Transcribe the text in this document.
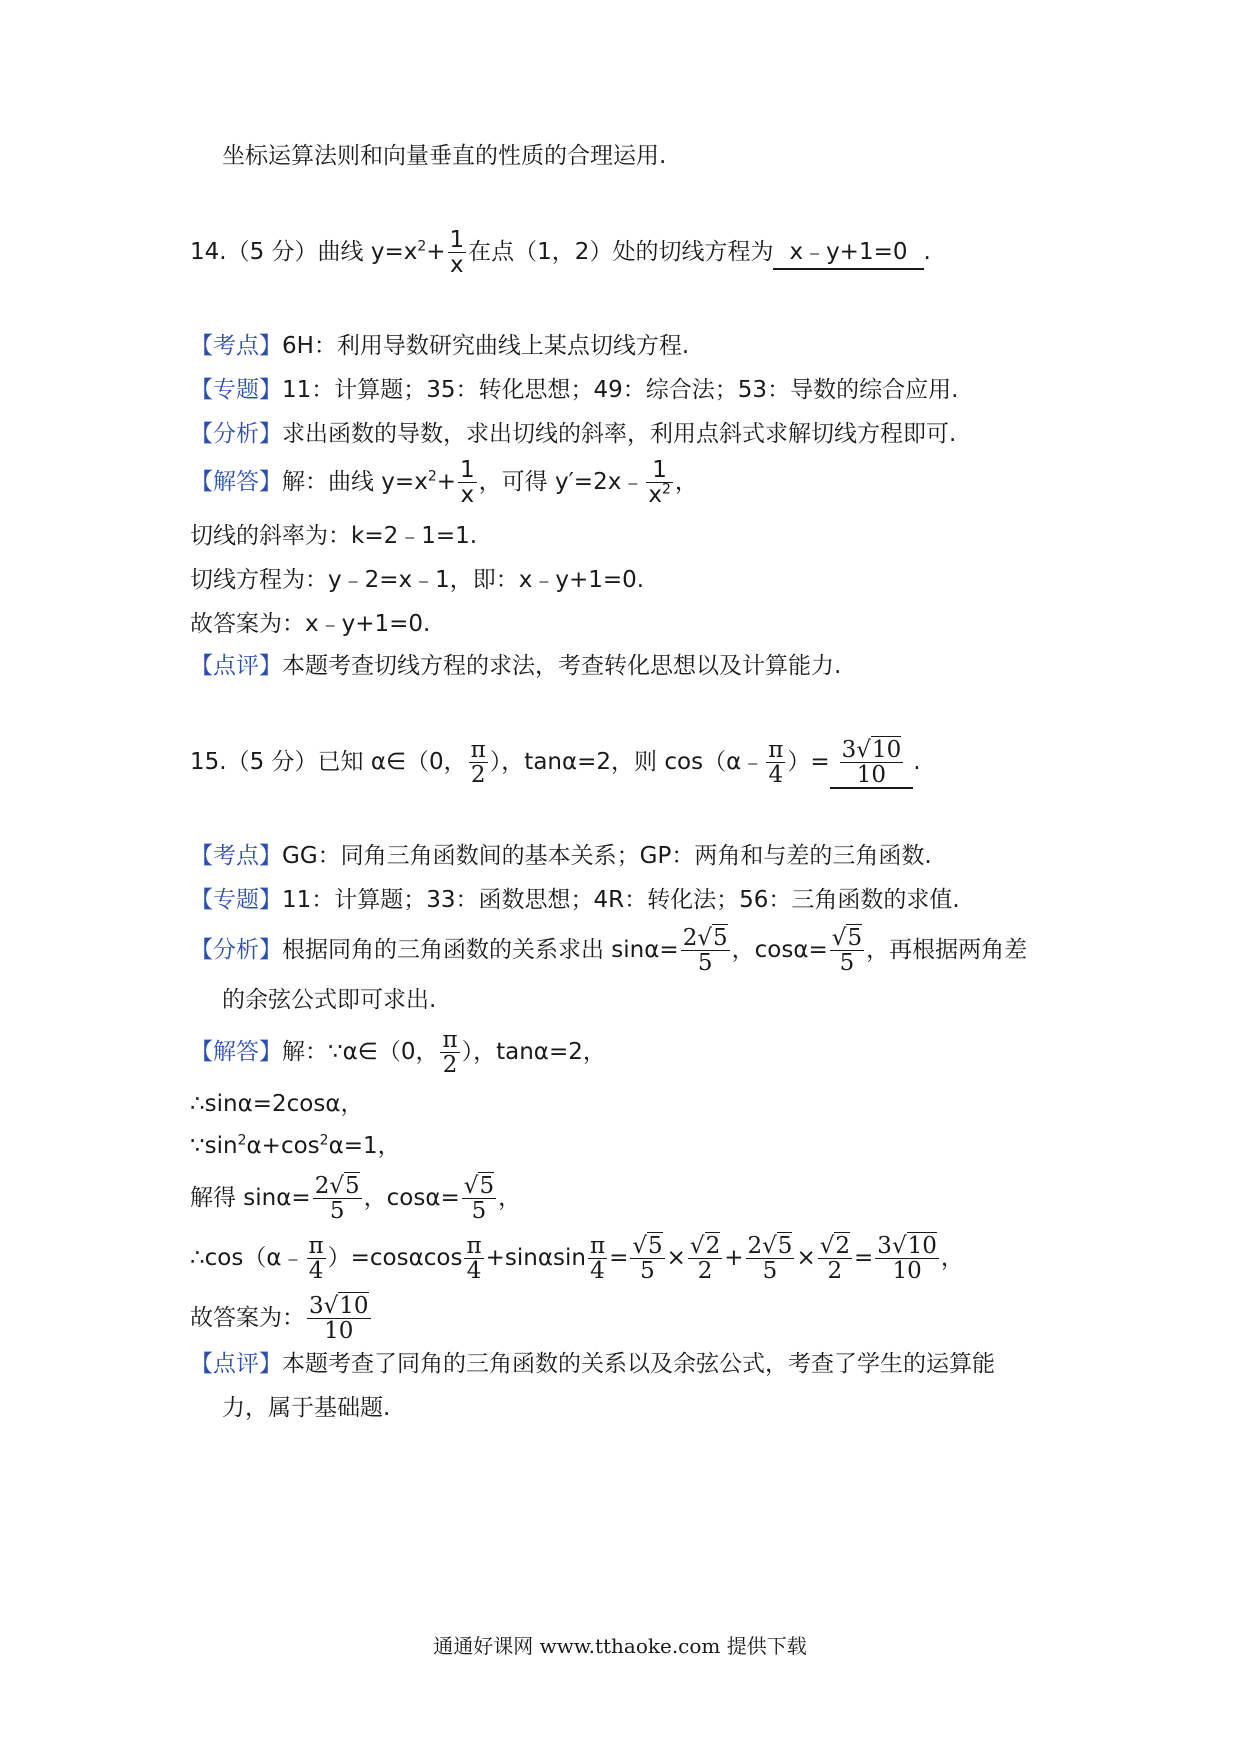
坐标运算法则和向量垂直的性质的合理运用.
14.（5 分）曲线 $y=x^2+ \frac{1}{x}$ 在点（1，2）处的切线方程为 x﹣y+1=0 .
【考点】6H：利用导数研究曲线上某点切线方程.
【专题】11：计算题；35：转化思想；49：综合法；53：导数的综合应用.
【分析】求出函数的导数，求出切线的斜率，利用点斜式求解切线方程即可.
【解答】解：曲线 $y=x^2+ \frac{1}{x}$ ，可得 y′=2x﹣ $\frac{1}{x^2}$ ，
切线的斜率为：k=2﹣1=1.
切线方程为：y﹣2=x﹣1，即：x﹣y+1=0.
故答案为：x﹣y+1=0.
【点评】本题考查切线方程的求法，考查转化思想以及计算能力.
15.（5 分）已知 α∈（0， $\frac{\pi}{2}$ ），tanα=2，则 cos（α﹣ $\frac{\pi}{4}$ ）= $\frac{3√10}{10}$ .
【考点】GG：同角三角函数间的基本关系；GP：两角和与差的三角函数.
【专题】11：计算题；33：函数思想；4R：转化法；56：三角函数的求值.
【分析】根据同角的三角函数的关系求出 $\sin\alpha= \frac{2√5}{5}$ ，$\cos\alpha= \frac{√5}{5}$ ，再根据两角差
的余弦公式即可求出.
【解答】解：∵α∈（0， $\frac{\pi}{2}$ ），tanα=2，
∴sinα=2cosα，
$\because\sin^2\alpha+\cos^2\alpha=1$，
解得 $\sin\alpha= \frac{2√5}{5}$ ，$\cos\alpha= \frac{√5}{5}$ ，
∴cos（α﹣ $\frac{\pi}{4} )=\cos\alpha\cos \frac{\pi}{4} +\sin\alpha\sin \frac{\pi}{4} = \frac{√5}{5} \times \frac{√2}{2} + \frac{2√5}{5} \times \frac{√2}{2} = \frac{3√10}{10}$ ，
故答案为： $\frac{3√10}{10}$
【点评】本题考查了同角的三角函数的关系以及余弦公式，考查了学生的运算能
力，属于基础题.
通通好课网 www.tthaoke.com 提供下载
